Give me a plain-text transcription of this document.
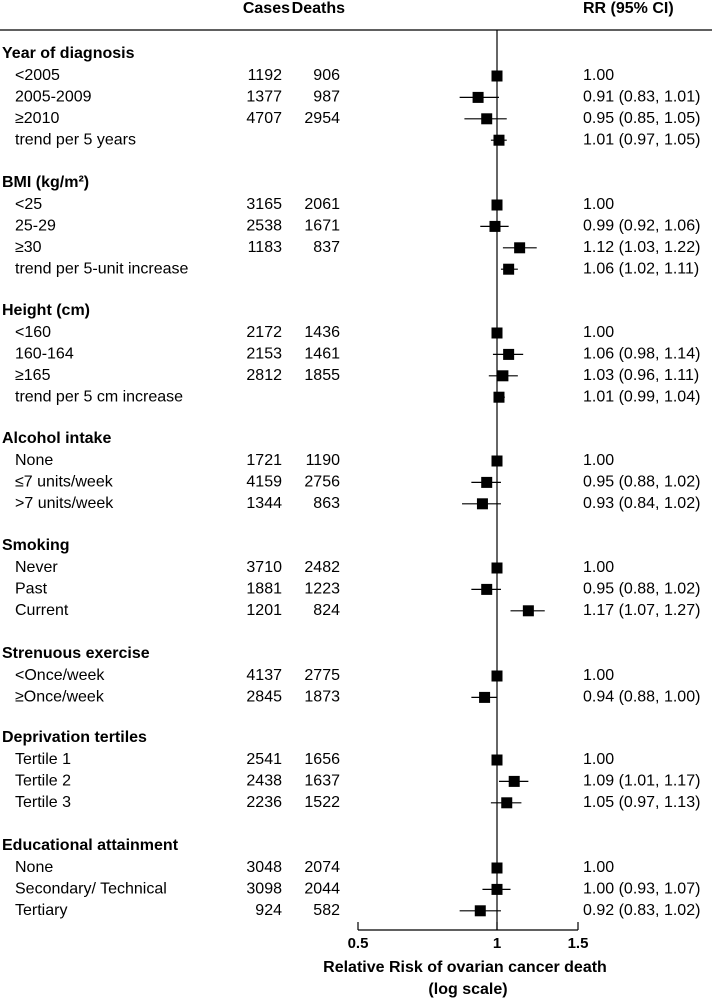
Cases Deaths	RR (95% CI)
Year of diagnosis
<2005	1192 906	1.00
2005-2009	1377 987	0.91 (0.83, 1.01)
≥2010	4707 2954	0.95 (0.85, 1.05)
trend per 5 years	1.01 (0.97, 1.05)
BMI (kg/m²)
<25	3165 2061	1.00
25-29	2538 1671	0.99 (0.92, 1.06)
≥30	1183 837	1.12 (1.03, 1.22)
trend per 5-unit increase	1.06 (1.02, 1.11)
Height (cm)
<160	2172 1436	1.00
160-164	2153 1461	1.06 (0.98, 1.14)
≥165	2812 1855	1.03 (0.96, 1.11)
trend per 5 cm increase	1.01 (0.99, 1.04)
Alcohol intake
None	1721 1190	1.00
≤7 units/week	4159 2756	0.95 (0.88, 1.02)
>7 units/week	1344 863	0.93 (0.84, 1.02)
Smoking
Never	3710 2482	1.00
Past	1881 1223	0.95 (0.88, 1.02)
Current	1201 824	1.17 (1.07, 1.27)
Strenuous exercise
<Once/week	4137 2775	1.00
≥Once/week	2845 1873	0.94 (0.88, 1.00)
Deprivation tertiles
Tertile 1	2541 1656	1.00
Tertile 2	2438 1637	1.09 (1.01, 1.17)
Tertile 3	2236 1522	1.05 (0.97, 1.13)
Educational attainment
None	3048 2074	1.00
Secondary/ Technical	3098 2044	1.00 (0.93, 1.07)
Tertiary	924 582	0.92 (0.83, 1.02)
0.5	1	1.5
Relative Risk of ovarian cancer death
(log scale)
